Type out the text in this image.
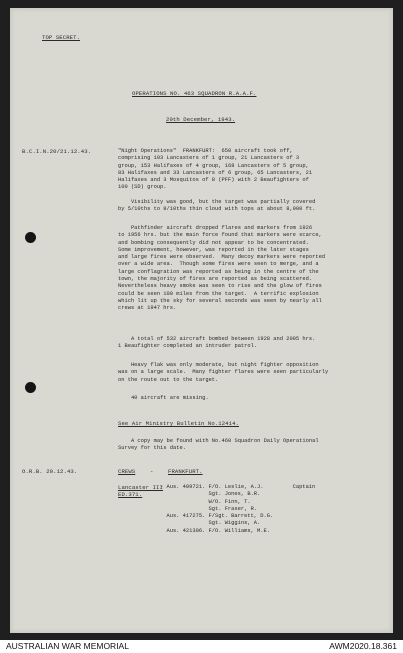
TOP SECRET.
OPERATIONS NO. 463 SQUADRON R.A.A.F.
20th December, 1943.
B.C.I.N.20/21.12.43.	"Night Operations"  FRANKFURT:  650 aircraft took off,
comprising 103 Lancasters of 1 group, 21 Lancasters of 3
group, 153 Halifaxes of 4 group, 168 Lancasters of 5 group,
83 Halifaxes and 33 Lancasters of 6 group, 65 Lancasters, 21
Halifaxes and 3 Mosquitos of 8 (PFF) with 2 Beaufighters of
100 (SD) group.
Visibility was good, but the target was partially covered
by 5/10ths to 8/10ths thin cloud with tops at about 8,000 ft.
Pathfinder aircraft dropped flares and markers from 1926
to 1956 hrs. but the main force found that markers were scarce,
and bombing consequently did not appear to be concentrated.
Some improvement, however, was reported in the later stages
and large fires were observed.  Many decoy markers were reported
over a wide area.  Though some fires were seen to merge, and a
large conflagration was reported as being in the centre of the
town, the majority of fires are reported as being scattered.
Nevertheless heavy smoke was seen to rise and the glow of fires
could be seen 100 miles from the target.  A terrific explosion
which lit up the sky for several seconds was seen by nearly all
crews at 1947 hrs.
A total of 532 aircraft bombed between 1928 and 2005 hrs.
1 Beaufighter completed an intruder patrol.
Heavy flak was only moderate, but night fighter opposition
was on a large scale.  Many fighter flares were seen particularly
on the route out to the target.
40 aircraft are missing.
See Air Ministry Bulletin No.12414.
A copy may be found with No.460 Squadron Daily Operational
Survey for this date.
O.R.B. 20.12.43.	CREWS	-	FRANKFURT.
Lancaster III
ED.371.
- Aus. 409721. F/O. Leslie, A.J.         Captain
Sgt. Jones, B.R.
W/O. Finn, T.
Sgt. Fraser, R.
Aus. 417275. F/Sgt. Barrett, D.G.
Sgt. Wiggins, A.
Aus. 421306. F/O. Williams, M.E.
AUSTRALIAN WAR MEMORIAL	AWM2020.18.361
